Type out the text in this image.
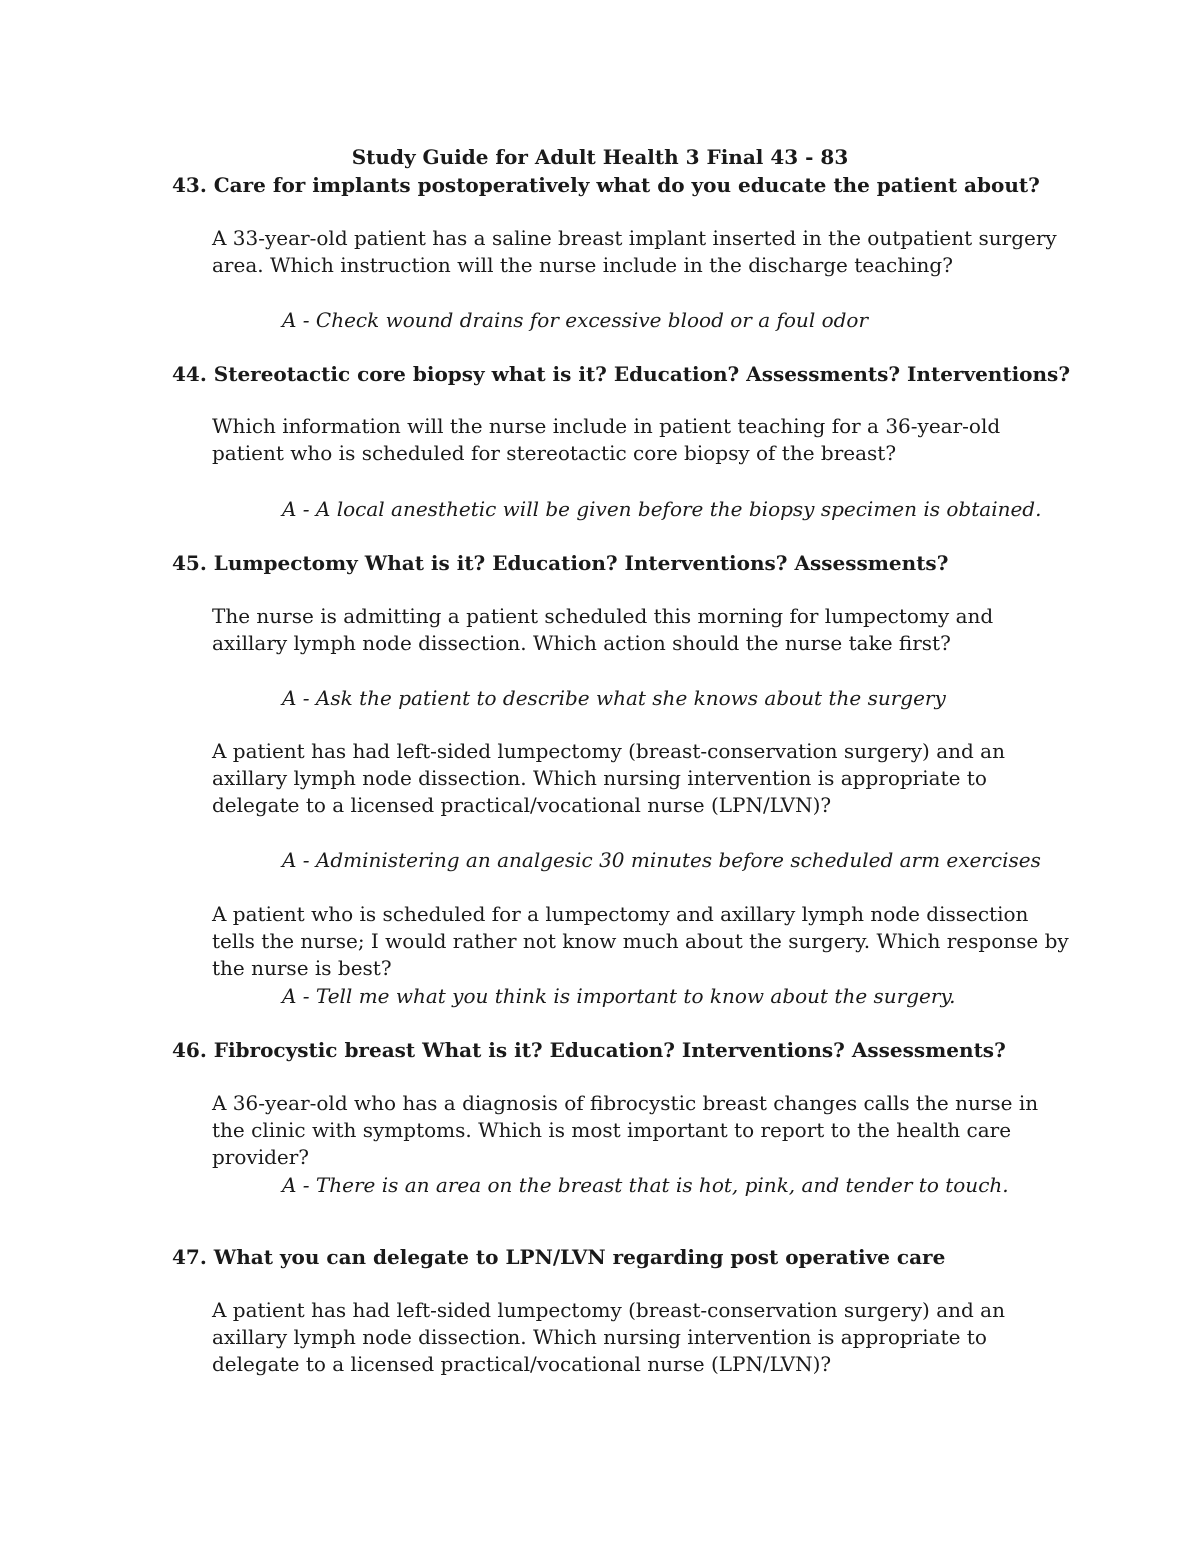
Study Guide for Adult Health 3 Final 43 - 83
43. Care for implants postoperatively what do you educate the patient about?
A 33-year-old patient has a saline breast implant inserted in the outpatient surgery area. Which instruction will the nurse include in the discharge teaching?
A - Check wound drains for excessive blood or a foul odor
44. Stereotactic core biopsy what is it? Education? Assessments? Interventions?
Which information will the nurse include in patient teaching for a 36-year-old patient who is scheduled for stereotactic core biopsy of the breast?
A - A local anesthetic will be given before the biopsy specimen is obtained.
45. Lumpectomy What is it? Education? Interventions? Assessments?
The nurse is admitting a patient scheduled this morning for lumpectomy and axillary lymph node dissection. Which action should the nurse take first?
A - Ask the patient to describe what she knows about the surgery
A patient has had left-sided lumpectomy (breast-conservation surgery) and an axillary lymph node dissection. Which nursing intervention is appropriate to delegate to a licensed practical/vocational nurse (LPN/LVN)?
A - Administering an analgesic 30 minutes before scheduled arm exercises
A patient who is scheduled for a lumpectomy and axillary lymph node dissection tells the nurse; I would rather not know much about the surgery. Which response by the nurse is best?
A - Tell me what you think is important to know about the surgery.
46. Fibrocystic breast What is it? Education? Interventions? Assessments?
A 36-year-old who has a diagnosis of fibrocystic breast changes calls the nurse in the clinic with symptoms. Which is most important to report to the health care provider?
A - There is an area on the breast that is hot, pink, and tender to touch.
47. What you can delegate to LPN/LVN regarding post operative care
A patient has had left-sided lumpectomy (breast-conservation surgery) and an axillary lymph node dissection. Which nursing intervention is appropriate to delegate to a licensed practical/vocational nurse (LPN/LVN)?
